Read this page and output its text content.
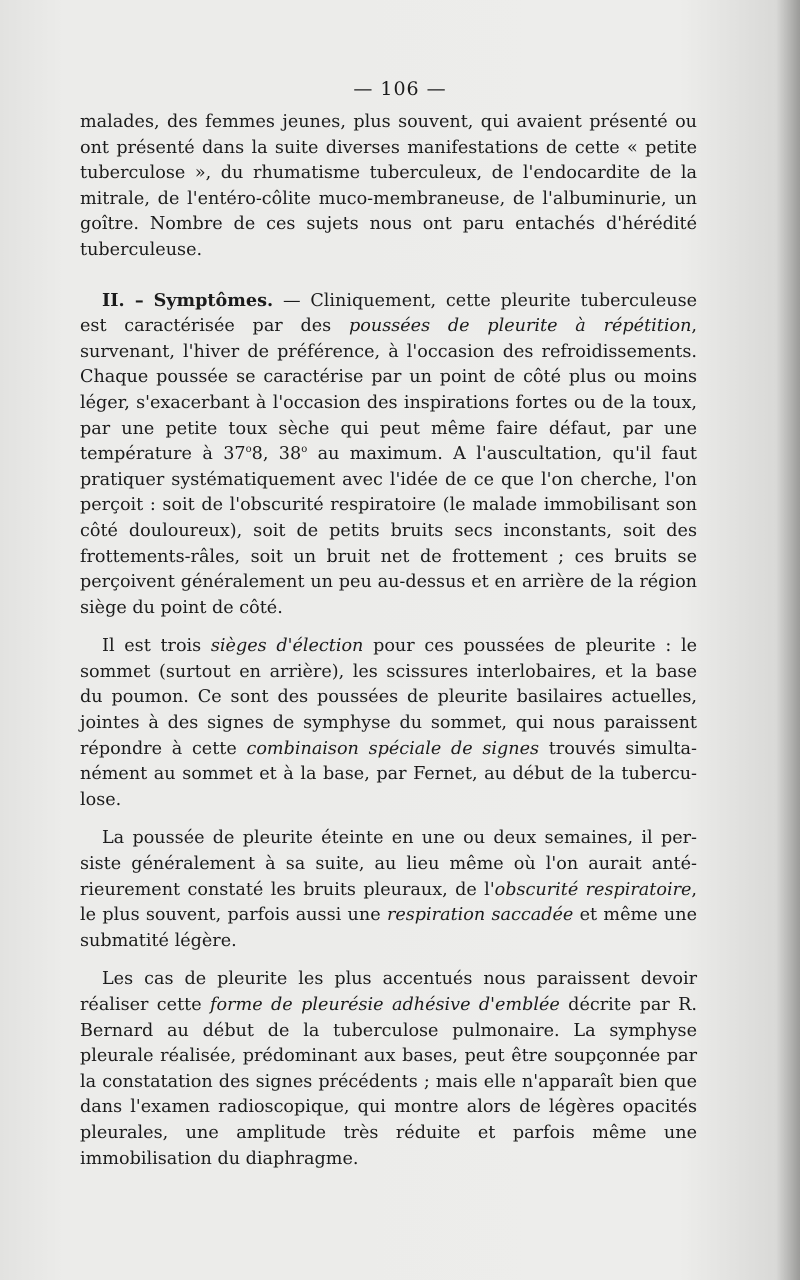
— 106 —

malades, des femmes jeunes, plus souvent, qui avaient présenté ou ont présenté dans la suite diverses manifestations de cette « petite tuberculose », du rhumatisme tuberculeux, de l'endocardite de la mitrale, de l'entéro-côlite muco-membraneuse, de l'albuminurie, un goître. Nombre de ces sujets nous ont paru entachés d'hérédité tuberculeuse.

II. – Symptômes. — Cliniquement, cette pleurite tuberculeuse est caractérisée par des poussées de pleurite à répétition, survenant, l'hiver de préférence, à l'occasion des refroidissements. Chaque poussée se caractérise par un point de côté plus ou moins léger, s'exacerbant à l'occasion des inspirations fortes ou de la toux, par une petite toux sèche qui peut même faire défaut, par une température à 37$^o$8, 38$^o$ au maximum. A l'auscultation, qu'il faut pratiquer systématiquement avec l'idée de ce que l'on cherche, l'on perçoit : soit de l'obscurité respiratoire (le malade immobilisant son côté douloureux), soit de petits bruits secs inconstants, soit des frottements-râles, soit un bruit net de frottement ; ces bruits se perçoivent généralement un peu au-dessus et en arrière de la région siège du point de côté.

Il est trois sièges d'élection pour ces poussées de pleurite : le sommet (surtout en arrière), les scissures interlobaires, et la base du poumon. Ce sont des poussées de pleurite basilaires actuelles, jointes à des signes de symphyse du sommet, qui nous paraissent répondre à cette combinaison spéciale de signes trouvés simultanément au sommet et à la base, par Fernet, au début de la tuberculose.

La poussée de pleurite éteinte en une ou deux semaines, il persiste généralement à sa suite, au lieu même où l'on aurait antérieurement constaté les bruits pleuraux, de l'obscurité respiratoire, le plus souvent, parfois aussi une respiration saccadée et même une submatité légère.

Les cas de pleurite les plus accentués nous paraissent devoir réaliser cette forme de pleurésie adhésive d'emblée décrite par R. Bernard au début de la tuberculose pulmonaire. La symphyse pleurale réalisée, prédominant aux bases, peut être soupçonnée par la constatation des signes précédents ; mais elle n'apparaît bien que dans l'examen radioscopique, qui montre alors de légères opacités pleurales, une amplitude très réduite et parfois même une immobilisation du diaphragme.
